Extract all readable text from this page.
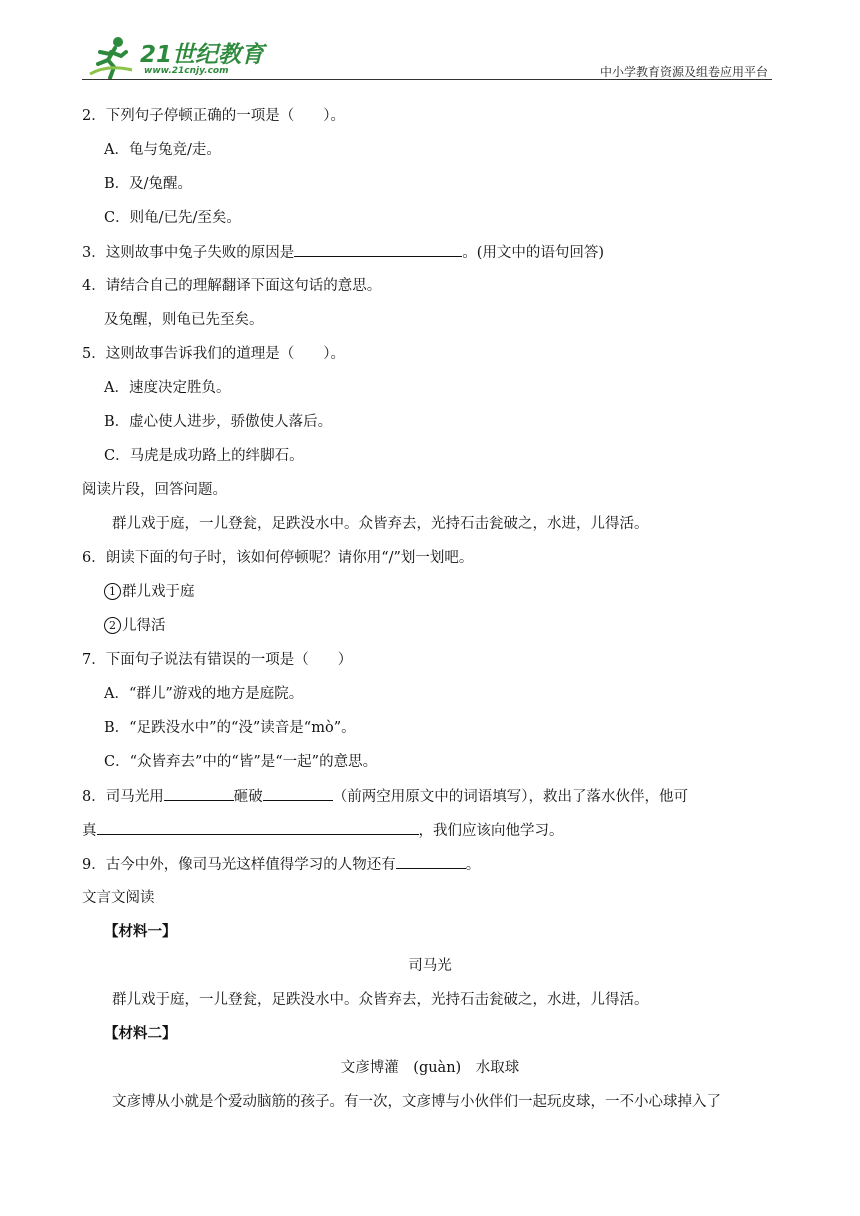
21世纪教育
www.21cnjy.com	中小学教育资源及组卷应用平台
2．下列句子停顿正确的一项是（　　）。
A．龟与兔竞/走。
B．及/兔醒。
C．则龟/已先/至矣。
3．这则故事中兔子失败的原因是	。(用文中的语句回答)
4．请结合自己的理解翻译下面这句话的意思。
及兔醒，则龟已先至矣。
5．这则故事告诉我们的道理是（　　）。
A．速度决定胜负。
B．虚心使人进步，骄傲使人落后。
C．马虎是成功路上的绊脚石。
阅读片段，回答问题。
群儿戏于庭，一儿登瓮，足跌没水中。众皆弃去，光持石击瓮破之，水进，儿得活。
6．朗读下面的句子时，该如何停顿呢？请你用“/”划一划吧。
1 群儿戏于庭
2 儿得活
7．下面句子说法有错误的一项是（　　）
A．“群儿”游戏的地方是庭院。
B．“足跌没水中”的“没”读音是“mò”。
C．“众皆弃去”中的“皆”是“一起”的意思。
8．司马光用	砸破	（前两空用原文中的词语填写），救出了落水伙伴，他可
真	，我们应该向他学习。
9．古今中外，像司马光这样值得学习的人物还有	。
文言文阅读
【材料一】
司马光
群儿戏于庭，一儿登瓮，足跌没水中。众皆弃去，光持石击瓮破之，水进，儿得活。
【材料二】
文彦博灌　(guàn)　水取球
文彦博从小就是个爱动脑筋的孩子。有一次，文彦博与小伙伴们一起玩皮球，一不小心球掉入了
